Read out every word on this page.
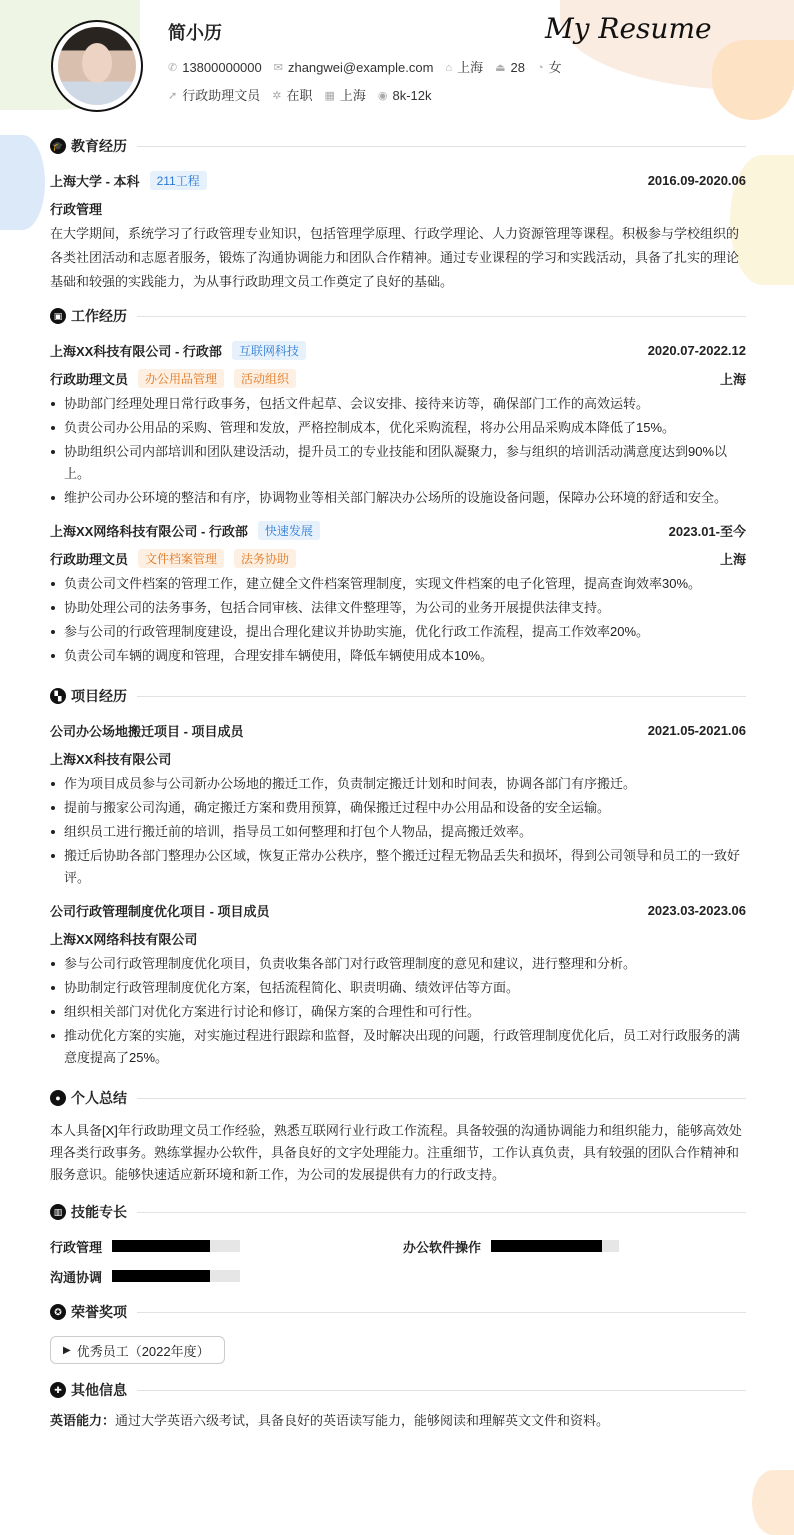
简小历	My Resume
✆ 13800000000 ✉ zhangwei@example.com ⌂ 上海 ⏏ 28 ◔ 女
➚ 行政助理文员 ✲ 在职 ▦ 上海 ◉ 8k-12k
🎓 教育经历
上海大学 - 本科	211工程	2016.09-2020.06
行政管理
在大学期间，系统学习了行政管理专业知识，包括管理学原理、行政学理论、人力资源管理等课程。积极参与学校组织的各类社团活动和志愿者服务，锻炼了沟通协调能力和团队合作精神。通过专业课程的学习和实践活动，具备了扎实的理论基础和较强的实践能力，为从事行政助理文员工作奠定了良好的基础。
▣ 工作经历
上海XX科技有限公司 - 行政部	互联网科技	2020.07-2022.12
行政助理文员	办公用品管理	活动组织	上海
协助部门经理处理日常行政事务，包括文件起草、会议安排、接待来访等，确保部门工作的高效运转。
负责公司办公用品的采购、管理和发放，严格控制成本，优化采购流程，将办公用品采购成本降低了15%。
协助组织公司内部培训和团队建设活动，提升员工的专业技能和团队凝聚力，参与组织的培训活动满意度达到90%以上。
维护公司办公环境的整洁和有序，协调物业等相关部门解决办公场所的设施设备问题，保障办公环境的舒适和安全。
上海XX网络科技有限公司 - 行政部	快速发展	2023.01-至今
行政助理文员	文件档案管理	法务协助	上海
负责公司文件档案的管理工作，建立健全文件档案管理制度，实现文件档案的电子化管理，提高查询效率30%。
协助处理公司的法务事务，包括合同审核、法律文件整理等，为公司的业务开展提供法律支持。
参与公司的行政管理制度建设，提出合理化建议并协助实施，优化行政工作流程，提高工作效率20%。
负责公司车辆的调度和管理，合理安排车辆使用，降低车辆使用成本10%。
▚ 项目经历
公司办公场地搬迁项目 - 项目成员	2021.05-2021.06
上海XX科技有限公司
作为项目成员参与公司新办公场地的搬迁工作，负责制定搬迁计划和时间表，协调各部门有序搬迁。
提前与搬家公司沟通，确定搬迁方案和费用预算，确保搬迁过程中办公用品和设备的安全运输。
组织员工进行搬迁前的培训，指导员工如何整理和打包个人物品，提高搬迁效率。
搬迁后协助各部门整理办公区域，恢复正常办公秩序，整个搬迁过程无物品丢失和损坏，得到公司领导和员工的一致好评。
公司行政管理制度优化项目 - 项目成员	2023.03-2023.06
上海XX网络科技有限公司
参与公司行政管理制度优化项目，负责收集各部门对行政管理制度的意见和建议，进行整理和分析。
协助制定行政管理制度优化方案，包括流程简化、职责明确、绩效评估等方面。
组织相关部门对优化方案进行讨论和修订，确保方案的合理性和可行性。
推动优化方案的实施，对实施过程进行跟踪和监督，及时解决出现的问题，行政管理制度优化后，员工对行政服务的满意度提高了25%。
● 个人总结
本人具备[X]年行政助理文员工作经验，熟悉互联网行业行政工作流程。具备较强的沟通协调能力和组织能力，能够高效处理各类行政事务。熟练掌握办公软件，具备良好的文字处理能力。注重细节，工作认真负责，具有较强的团队合作精神和服务意识。能够快速适应新环境和新工作，为公司的发展提供有力的行政支持。
▥ 技能专长
行政管理	办公软件操作
沟通协调
✪ 荣誉奖项
▶ 优秀员工（2022年度）
✚ 其他信息
英语能力：通过大学英语六级考试，具备良好的英语读写能力，能够阅读和理解英文文件和资料。
